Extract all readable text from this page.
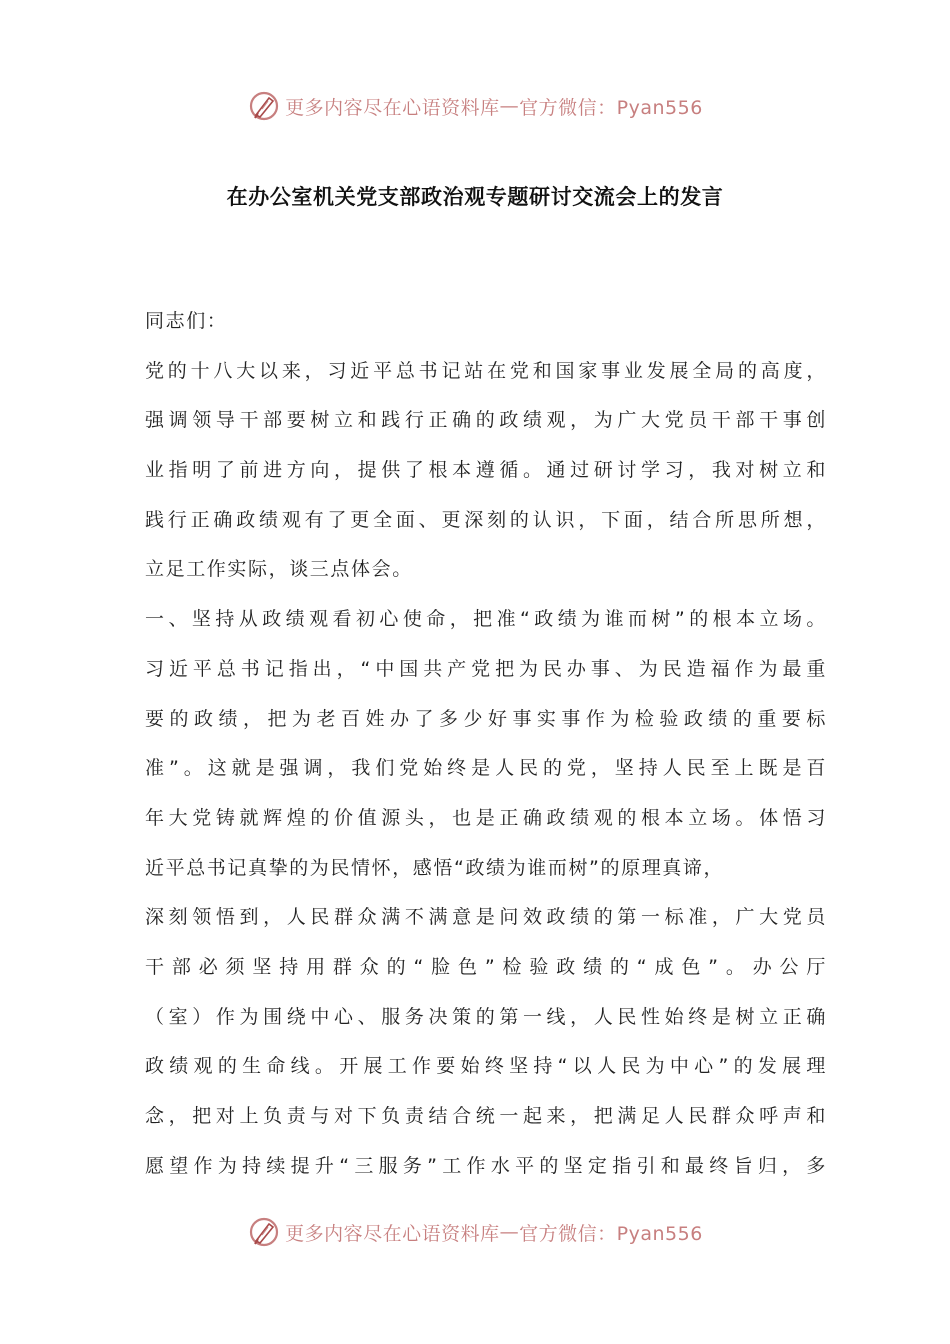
更多内容尽在心语资料库 — 官方微信：Pyan556
在办公室机关党支部政治观专题研讨交流会上的发言
同志们：
党的十八大以来，习近平总书记站在党和国家事业发展全局的高度，
强调领导干部要树立和践行正确的政绩观，为广大党员干部干事创
业指明了前进方向，提供了根本遵循。通过研讨学习，我对树立和
践行正确政绩观有了更全面、更深刻的认识，下面，结合所思所想，
立足工作实际，谈三点体会。
一、坚持从政绩观看初心使命，把准“政绩为谁而树”的根本立场。
习近平总书记指出，“中国共产党把为民办事、为民造福作为最重
要的政绩，把为老百姓办了多少好事实事作为检验政绩的重要标
准”。这就是强调，我们党始终是人民的党，坚持人民至上既是百
年大党铸就辉煌的价值源头，也是正确政绩观的根本立场。体悟习
近平总书记真挚的为民情怀，感悟“政绩为谁而树”的原理真谛，
深刻领悟到，人民群众满不满意是问效政绩的第一标准，广大党员
干部必须坚持用群众的“脸色”检验政绩的“成色”。办公厅
（室）作为围绕中心、服务决策的第一线，人民性始终是树立正确
政绩观的生命线。开展工作要始终坚持“以人民为中心”的发展理
念，把对上负责与对下负责结合统一起来，把满足人民群众呼声和
愿望作为持续提升“三服务”工作水平的坚定指引和最终旨归，多
更多内容尽在心语资料库 — 官方微信：Pyan556
